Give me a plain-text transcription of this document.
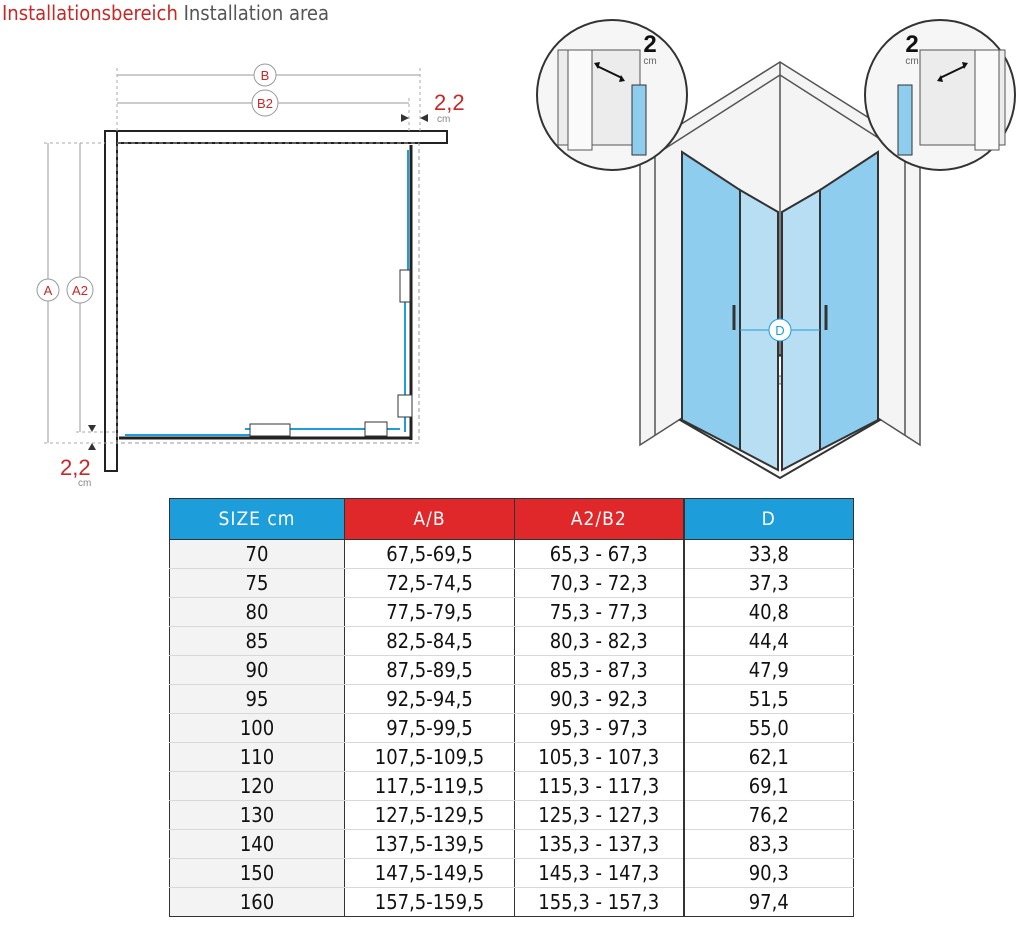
Installationsbereich Installation area
B
B2	2,2
cm
A A2
2,2
cm
D
2
cm
2
cm
SIZE cm	A/B	A2/B2	D
70	67,5-69,5	65,3 - 67,3	33,8
75	72,5-74,5	70,3 - 72,3	37,3
80	77,5-79,5	75,3 - 77,3	40,8
85	82,5-84,5	80,3 - 82,3	44,4
90	87,5-89,5	85,3 - 87,3	47,9
95	92,5-94,5	90,3 - 92,3	51,5
100	97,5-99,5	95,3 - 97,3	55,0
110	107,5-109,5	105,3 - 107,3	62,1
120	117,5-119,5	115,3 - 117,3	69,1
130	127,5-129,5	125,3 - 127,3	76,2
140	137,5-139,5	135,3 - 137,3	83,3
150	147,5-149,5	145,3 - 147,3	90,3
160	157,5-159,5	155,3 - 157,3	97,4
